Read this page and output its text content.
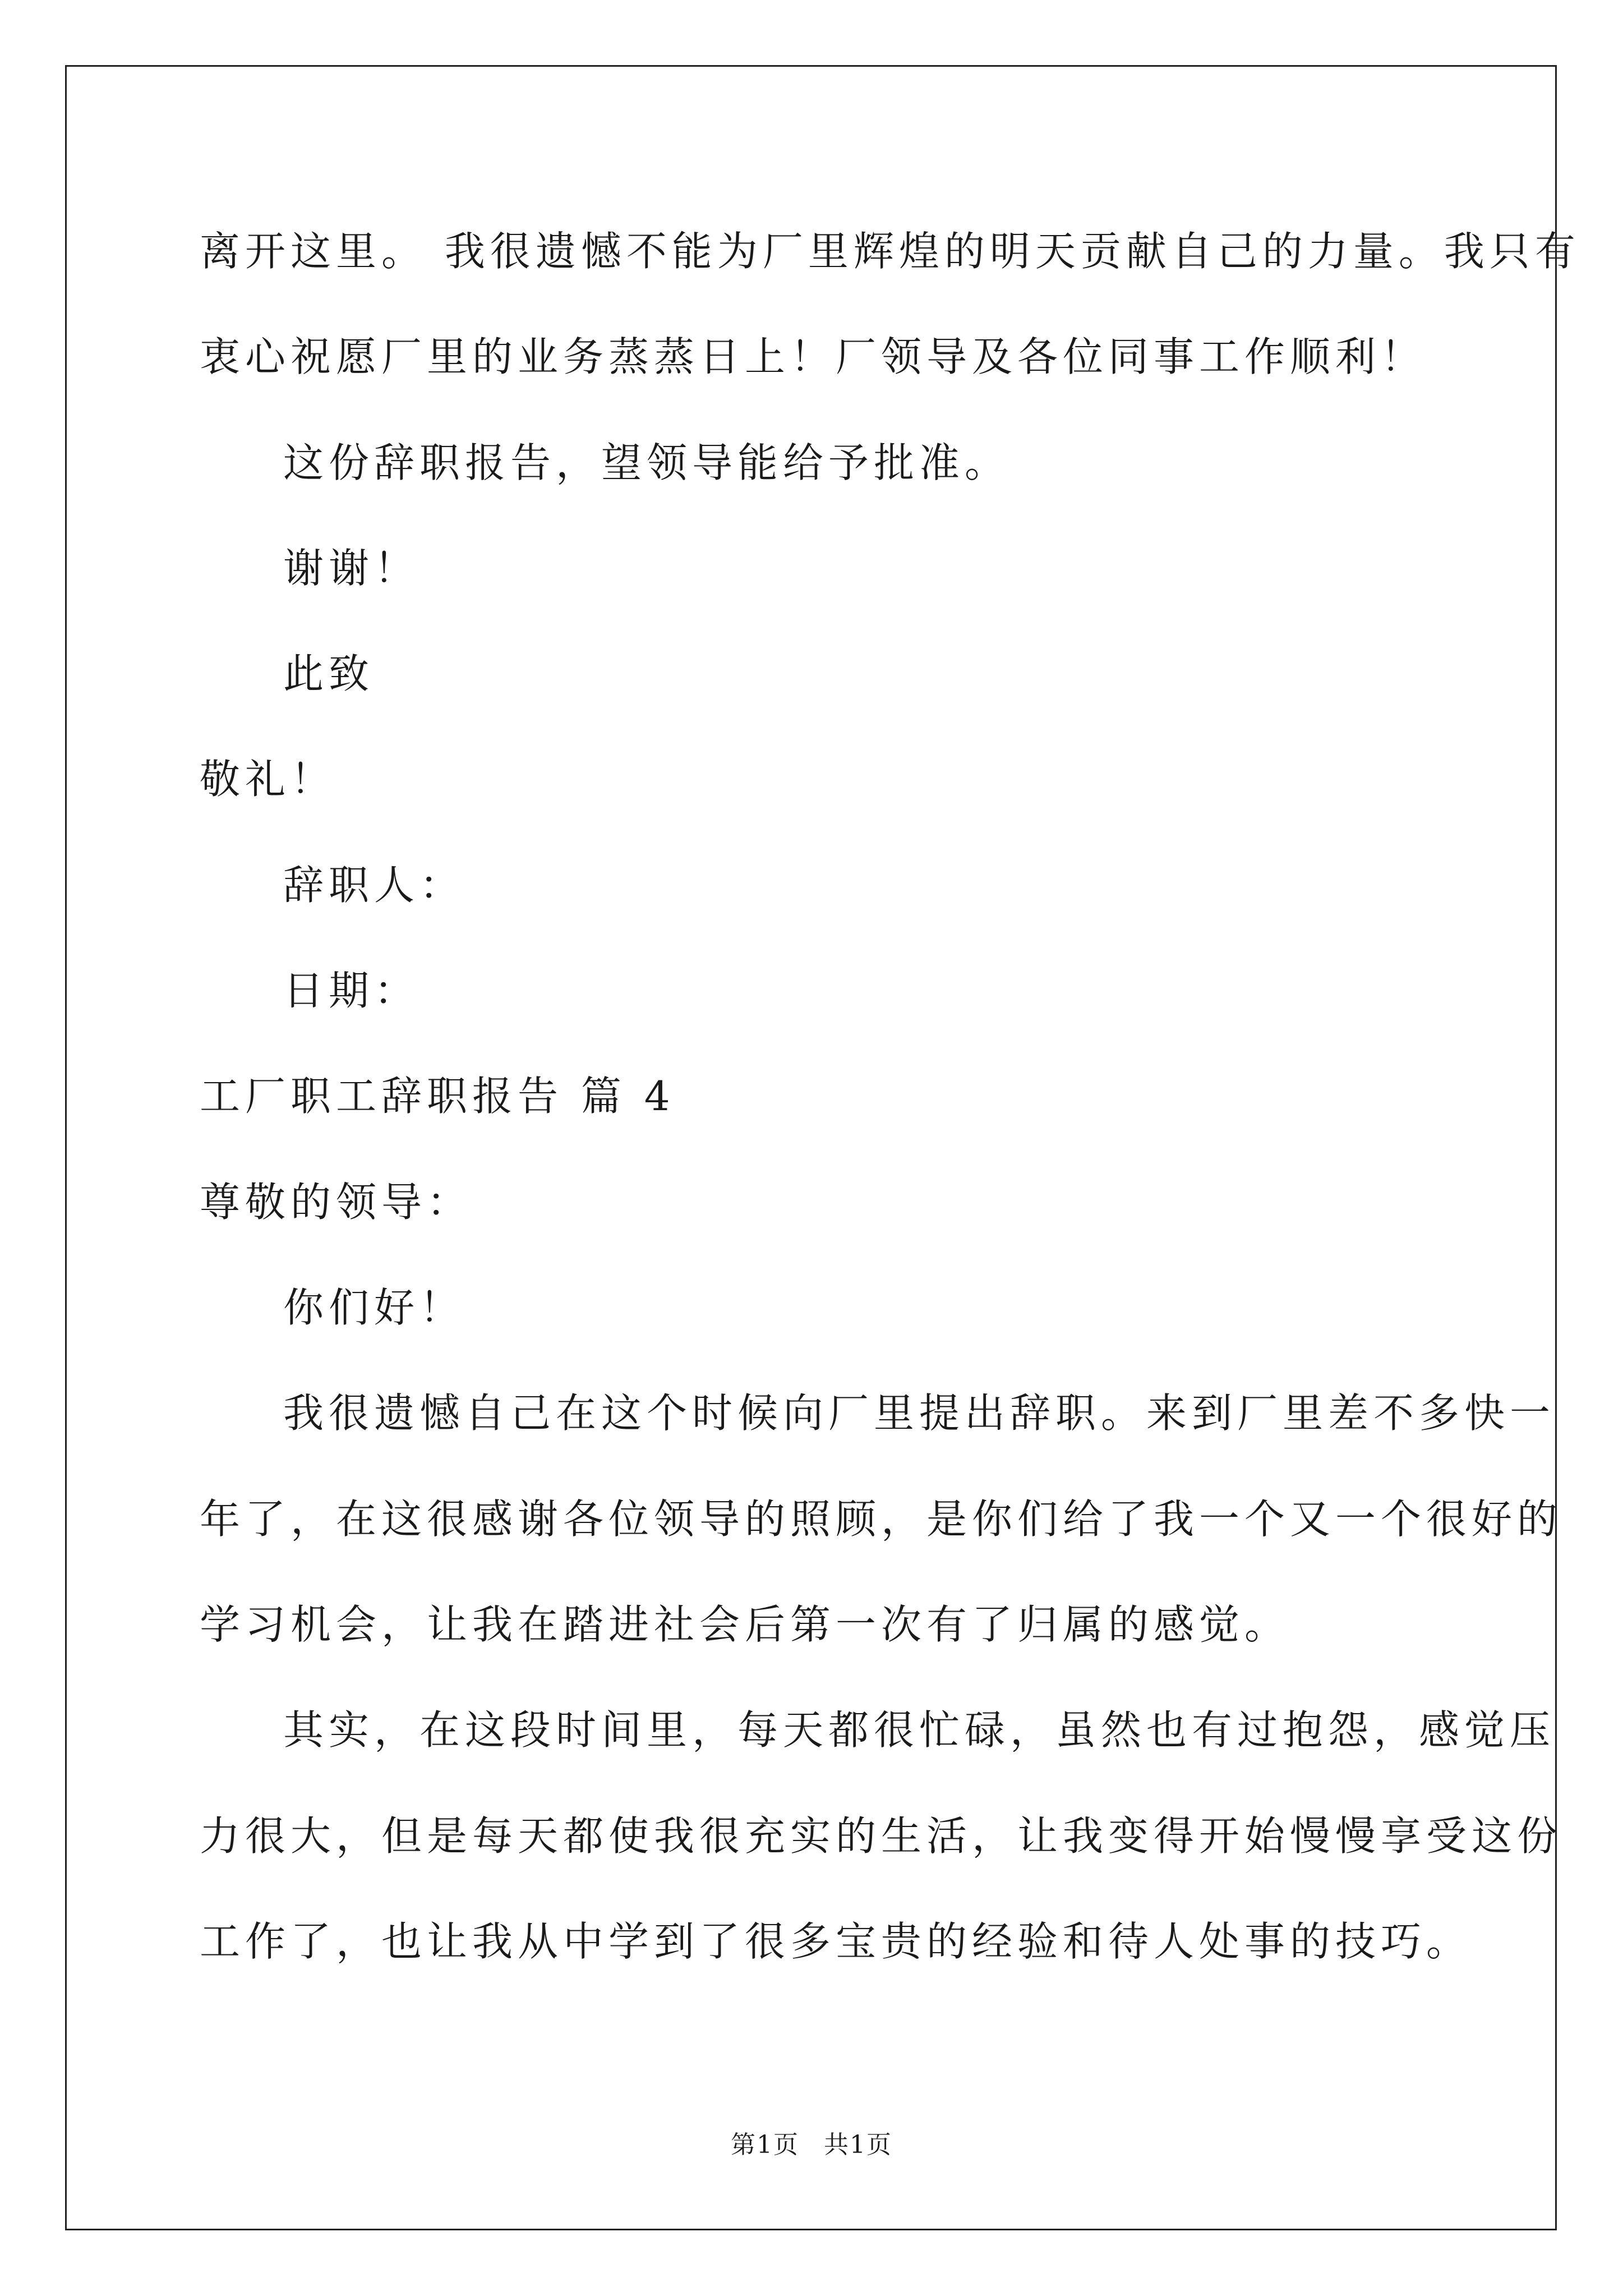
离开这里。 我很遗憾不能为厂里辉煌的明天贡献自己的力量。我只有
衷心祝愿厂里的业务蒸蒸日上！厂领导及各位同事工作顺利！
这份辞职报告，望领导能给予批准。
谢谢！
此致
敬礼！
辞职人：
日期：
工厂职工辞职报告 篇 4
尊敬的领导：
你们好！
我很遗憾自己在这个时候向厂里提出辞职。来到厂里差不多快一
年了，在这很感谢各位领导的照顾，是你们给了我一个又一个很好的
学习机会，让我在踏进社会后第一次有了归属的感觉。
其实，在这段时间里，每天都很忙碌，虽然也有过抱怨，感觉压
力很大，但是每天都使我很充实的生活，让我变得开始慢慢享受这份
工作了，也让我从中学到了很多宝贵的经验和待人处事的技巧。
第1页 共1页
